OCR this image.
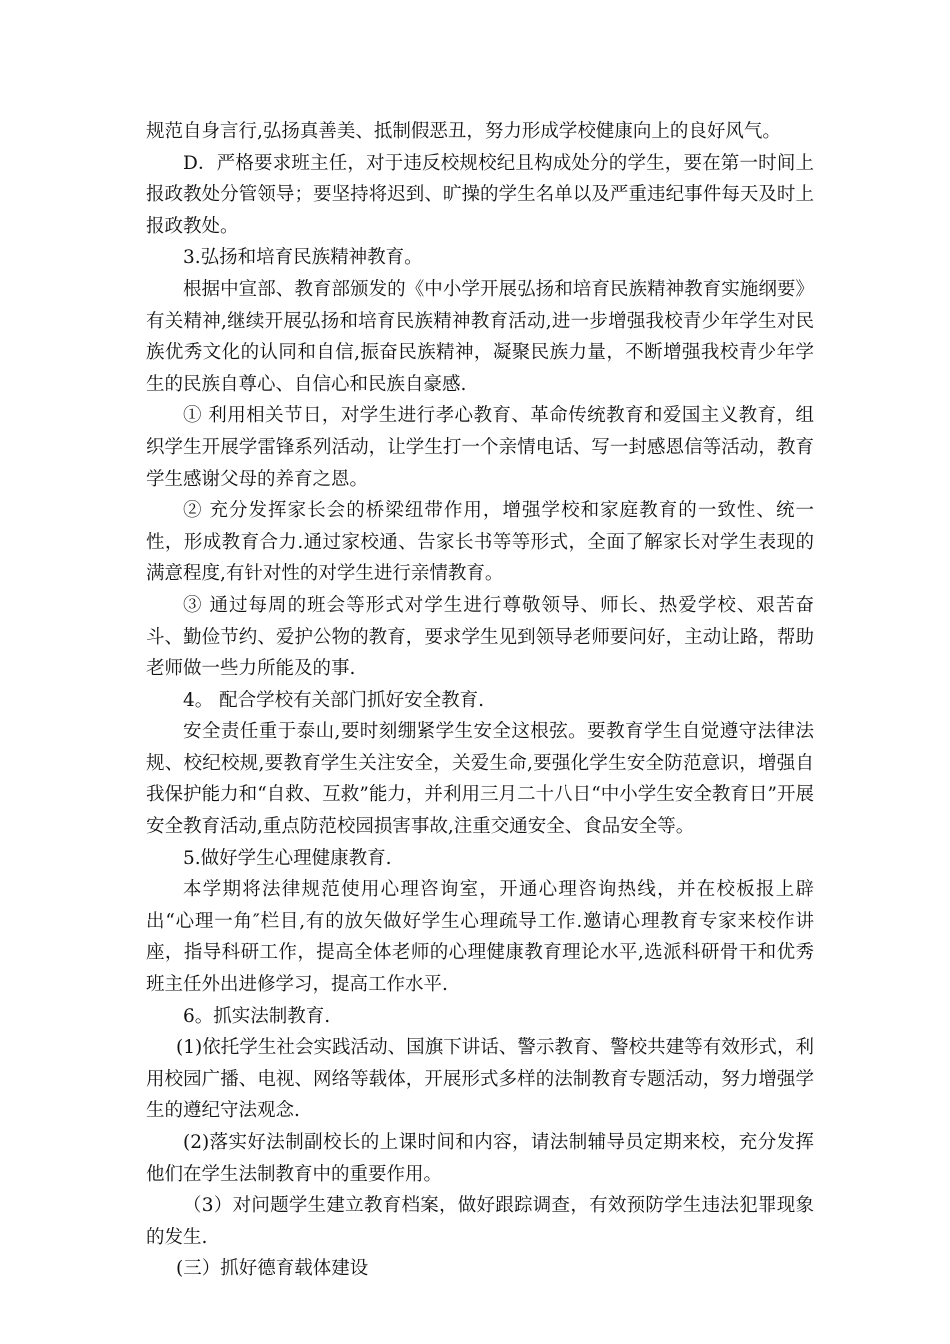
规范自身言行,弘扬真善美、抵制假恶丑，努力形成学校健康向上的良好风气。

D．严格要求班主任，对于违反校规校纪且构成处分的学生，要在第一时间上报政教处分管领导；要坚持将迟到、旷操的学生名单以及严重违纪事件每天及时上报政教处。

3.弘扬和培育民族精神教育。

根据中宣部、教育部颁发的《中小学开展弘扬和培育民族精神教育实施纲要》有关精神,继续开展弘扬和培育民族精神教育活动,进一步增强我校青少年学生对民族优秀文化的认同和自信,振奋民族精神，凝聚民族力量，不断增强我校青少年学生的民族自尊心、自信心和民族自豪感.

① 利用相关节日，对学生进行孝心教育、革命传统教育和爱国主义教育，组织学生开展学雷锋系列活动，让学生打一个亲情电话、写一封感恩信等活动，教育学生感谢父母的养育之恩。

② 充分发挥家长会的桥梁纽带作用，增强学校和家庭教育的一致性、统一性，形成教育合力.通过家校通、告家长书等等形式，全面了解家长对学生表现的满意程度,有针对性的对学生进行亲情教育。

③ 通过每周的班会等形式对学生进行尊敬领导、师长、热爱学校、艰苦奋斗、勤俭节约、爱护公物的教育，要求学生见到领导老师要问好，主动让路，帮助老师做一些力所能及的事.

4。 配合学校有关部门抓好安全教育.

安全责任重于泰山,要时刻绷紧学生安全这根弦。要教育学生自觉遵守法律法规、校纪校规,要教育学生关注安全，关爱生命,要强化学生安全防范意识，增强自我保护能力和“自救、互救”能力，并利用三月二十八日“中小学生安全教育日”开展安全教育活动,重点防范校园损害事故,注重交通安全、食品安全等。

5.做好学生心理健康教育.

本学期将法律规范使用心理咨询室，开通心理咨询热线，并在校板报上辟出“心理一角″栏目,有的放矢做好学生心理疏导工作.邀请心理教育专家来校作讲座，指导科研工作，提高全体老师的心理健康教育理论水平,选派科研骨干和优秀班主任外出进修学习，提高工作水平.

6。抓实法制教育.

(1)依托学生社会实践活动、国旗下讲话、警示教育、警校共建等有效形式，利用校园广播、电视、网络等载体，开展形式多样的法制教育专题活动，努力增强学生的遵纪守法观念.

(2)落实好法制副校长的上课时间和内容，请法制辅导员定期来校，充分发挥他们在学生法制教育中的重要作用。

（3）对问题学生建立教育档案，做好跟踪调查，有效预防学生违法犯罪现象的发生.

(三）抓好德育载体建设
